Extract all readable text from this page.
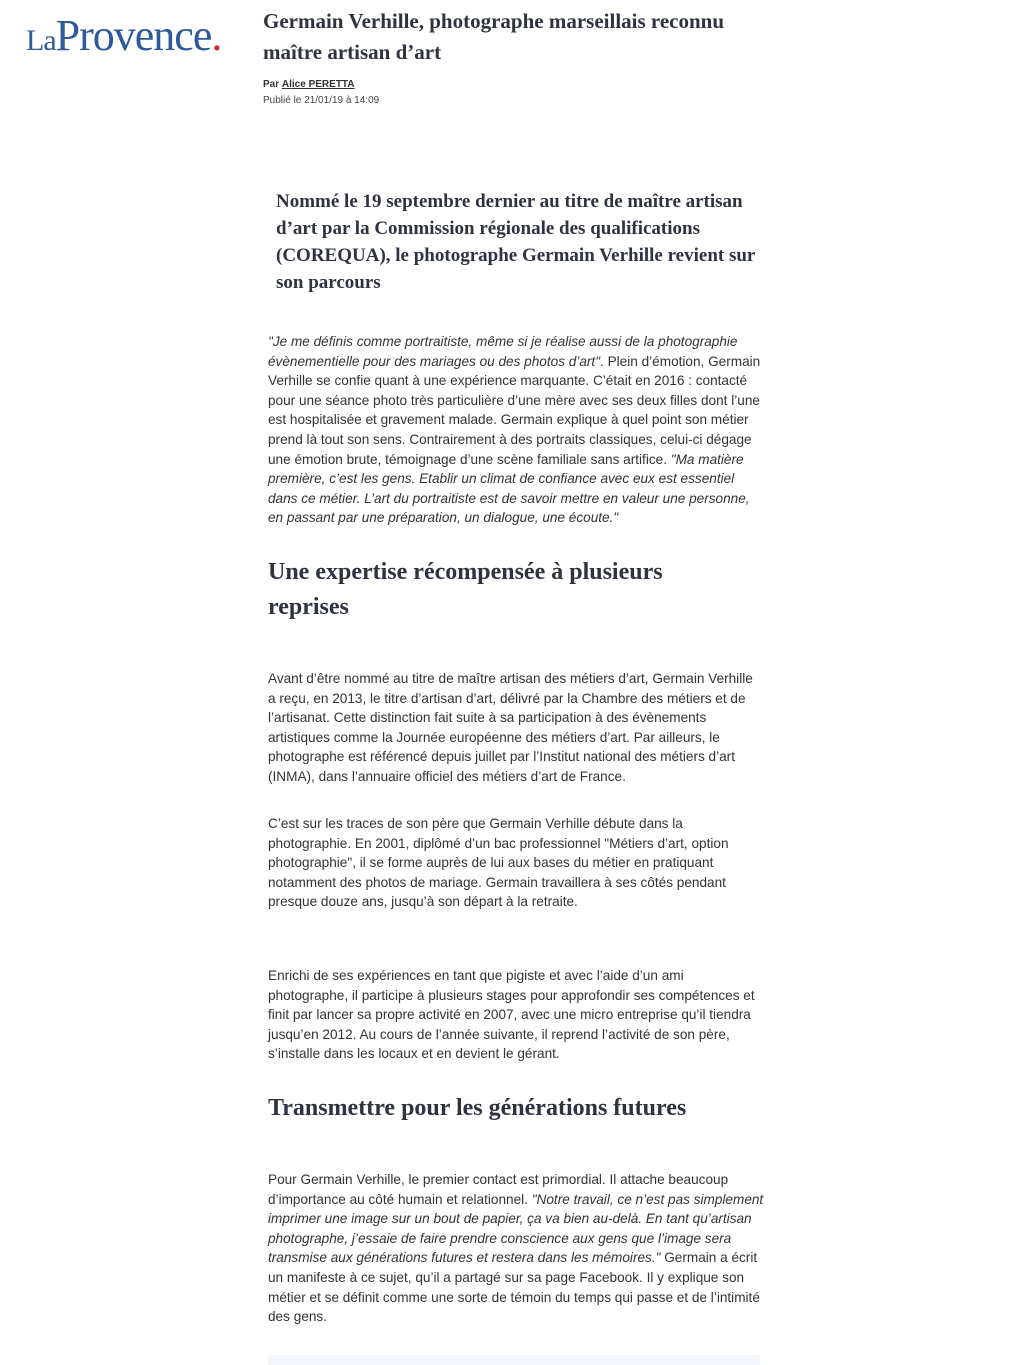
LaProvence. Germain Verhille, photographe marseillais reconnu maître artisan d’art
Par Alice PERETTA
Publié le 21/01/19 à 14:09

Nommé le 19 septembre dernier au titre de maître artisan d’art par la Commission régionale des qualifications (COREQUA), le photographe Germain Verhille revient sur son parcours

"Je me définis comme portraitiste, même si je réalise aussi de la photographie évènementielle pour des mariages ou des photos d’art". Plein d’émotion, Germain Verhille se confie quant à une expérience marquante. C’était en 2016 : contacté pour une séance photo très particulière d’une mère avec ses deux filles dont l’une est hospitalisée et gravement malade. Germain explique à quel point son métier prend là tout son sens. Contrairement à des portraits classiques, celui-ci dégage une émotion brute, témoignage d’une scène familiale sans artifice. "Ma matière première, c’est les gens. Etablir un climat de confiance avec eux est essentiel dans ce métier. L’art du portraitiste est de savoir mettre en valeur une personne, en passant par une préparation, un dialogue, une écoute."

Une expertise récompensée à plusieurs reprises

Avant d’être nommé au titre de maître artisan des métiers d’art, Germain Verhille a reçu, en 2013, le titre d’artisan d’art, délivré par la Chambre des métiers et de l’artisanat. Cette distinction fait suite à sa participation à des évènements artistiques comme la Journée européenne des métiers d’art. Par ailleurs, le photographe est référencé depuis juillet par l’Institut national des métiers d’art (INMA), dans l’annuaire officiel des métiers d’art de France.

C’est sur les traces de son père que Germain Verhille débute dans la photographie. En 2001, diplômé d’un bac professionnel "Métiers d’art, option photographie", il se forme auprès de lui aux bases du métier en pratiquant notamment des photos de mariage. Germain travaillera à ses côtés pendant presque douze ans, jusqu’à son départ à la retraite.

Enrichi de ses expériences en tant que pigiste et avec l’aide d’un ami photographe, il participe à plusieurs stages pour approfondir ses compétences et finit par lancer sa propre activité en 2007, avec une micro entreprise qu’il tiendra jusqu’en 2012. Au cours de l’année suivante, il reprend l’activité de son père, s’installe dans les locaux et en devient le gérant.

Transmettre pour les générations futures

Pour Germain Verhille, le premier contact est primordial. Il attache beaucoup d’importance au côté humain et relationnel. "Notre travail, ce n’est pas simplement imprimer une image sur un bout de papier, ça va bien au-delà. En tant qu’artisan photographe, j’essaie de faire prendre conscience aux gens que l’image sera transmise aux générations futures et restera dans les mémoires." Germain a écrit un manifeste à ce sujet, qu’il a partagé sur sa page Facebook. Il y explique son métier et se définit comme une sorte de témoin du temps qui passe et de l’intimité des gens.
